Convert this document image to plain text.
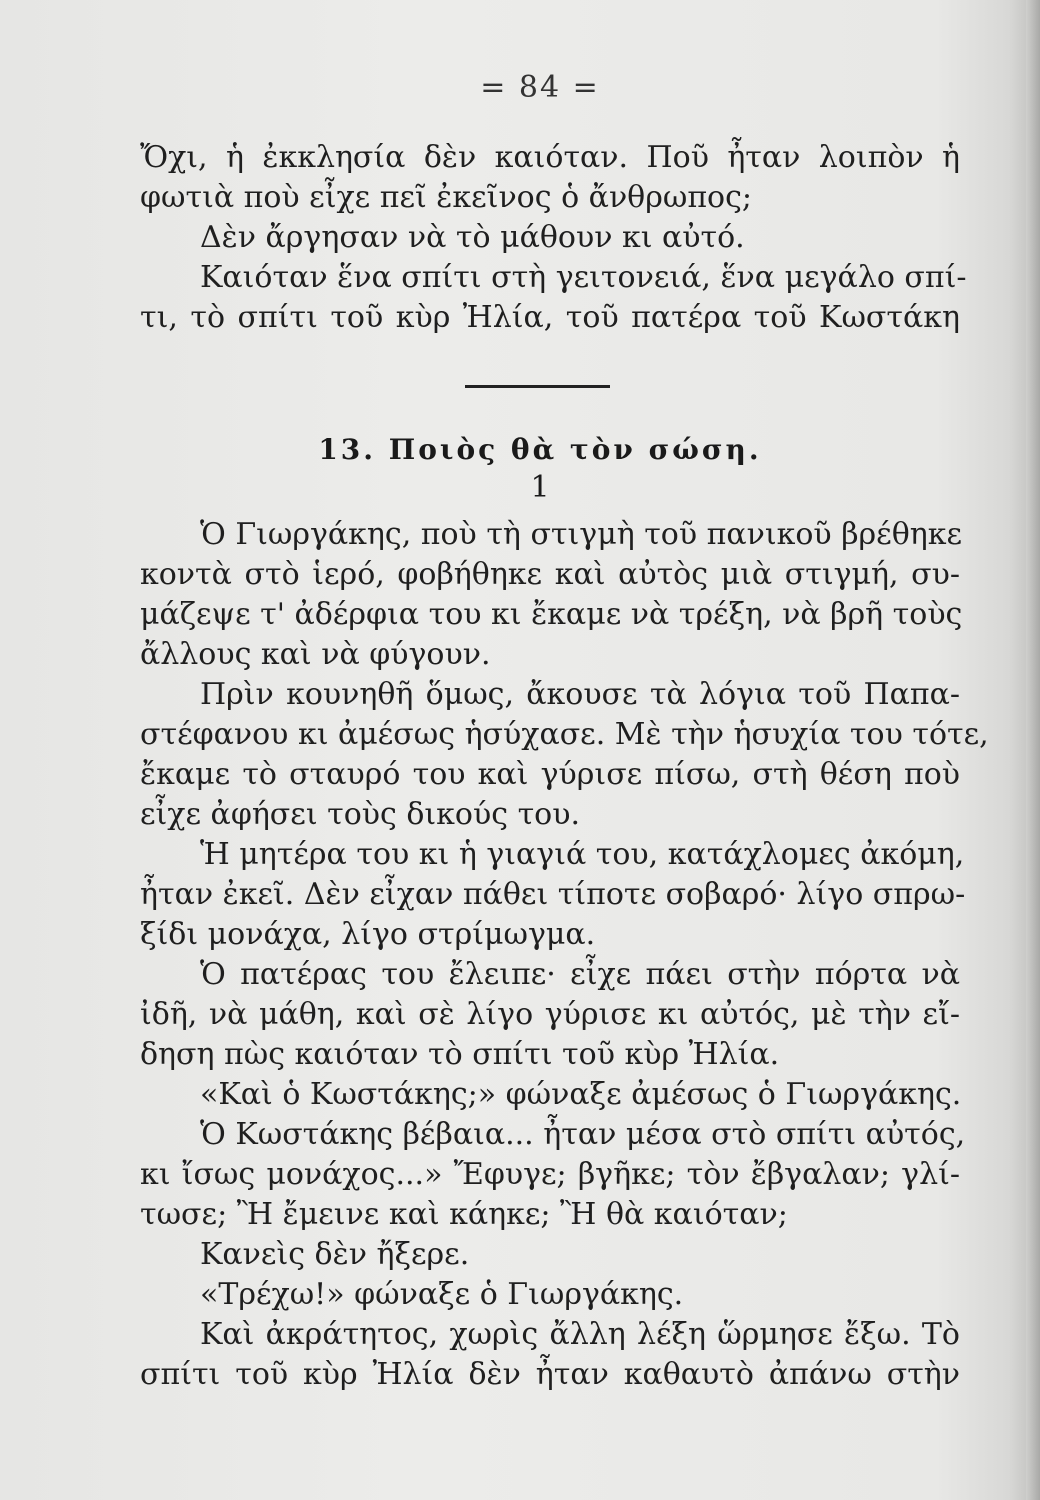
= 84 =
Ὄχι, ἡ ἐκκλησία δὲν καιόταν. Ποῦ ἦταν λοιπὸν ἡ
φωτιὰ ποὺ εἶχε πεῖ ἐκεῖνος ὁ ἄνθρωπος;
Δὲν ἄργησαν νὰ τὸ μάθουν κι αὐτό.
Καιόταν ἕνα σπίτι στὴ γειτονειά, ἕνα μεγάλο σπί-
τι, τὸ σπίτι τοῦ κὺρ Ἠλία, τοῦ πατέρα τοῦ Κωστάκη
13. Ποιὸς θὰ τὸν σώση.
1
Ὁ Γιωργάκης, ποὺ τὴ στιγμὴ τοῦ πανικοῦ βρέθηκε
κοντὰ στὸ ἱερό, φοβήθηκε καὶ αὐτὸς μιὰ στιγμή, συ-
μάζεψε τ' ἀδέρφια του κι ἔκαμε νὰ τρέξη, νὰ βρῆ τοὺς
ἄλλους καὶ νὰ φύγουν.
Πρὶν κουνηθῆ ὅμως, ἄκουσε τὰ λόγια τοῦ Παπα-
στέφανου κι ἀμέσως ἡσύχασε. Μὲ τὴν ἡσυχία του τότε,
ἔκαμε τὸ σταυρό του καὶ γύρισε πίσω, στὴ θέση ποὺ
εἶχε ἀφήσει τοὺς δικούς του.
Ἡ μητέρα του κι ἡ γιαγιά του, κατάχλομες ἀκόμη,
ἦταν ἐκεῖ. Δὲν εἶχαν πάθει τίποτε σοβαρό· λίγο σπρω-
ξίδι μονάχα, λίγο στρίμωγμα.
Ὁ πατέρας του ἔλειπε· εἶχε πάει στὴν πόρτα νὰ
ἰδῆ, νὰ μάθη, καὶ σὲ λίγο γύρισε κι αὐτός, μὲ τὴν εἴ-
δηση πὼς καιόταν τὸ σπίτι τοῦ κὺρ Ἠλία.
«Καὶ ὁ Κωστάκης;» φώναξε ἀμέσως ὁ Γιωργάκης.
Ὁ Κωστάκης βέβαια... ἦταν μέσα στὸ σπίτι αὐτός,
κι ἴσως μονάχος...» Ἔφυγε; βγῆκε; τὸν ἔβγαλαν; γλί-
τωσε; Ἢ ἔμεινε καὶ κάηκε; Ἢ θὰ καιόταν;
Κανεὶς δὲν ἤξερε.
«Τρέχω!» φώναξε ὁ Γιωργάκης.
Καὶ ἀκράτητος, χωρὶς ἄλλη λέξη ὥρμησε ἔξω. Τὸ
σπίτι τοῦ κὺρ Ἠλία δὲν ἦταν καθαυτὸ ἀπάνω στὴν
